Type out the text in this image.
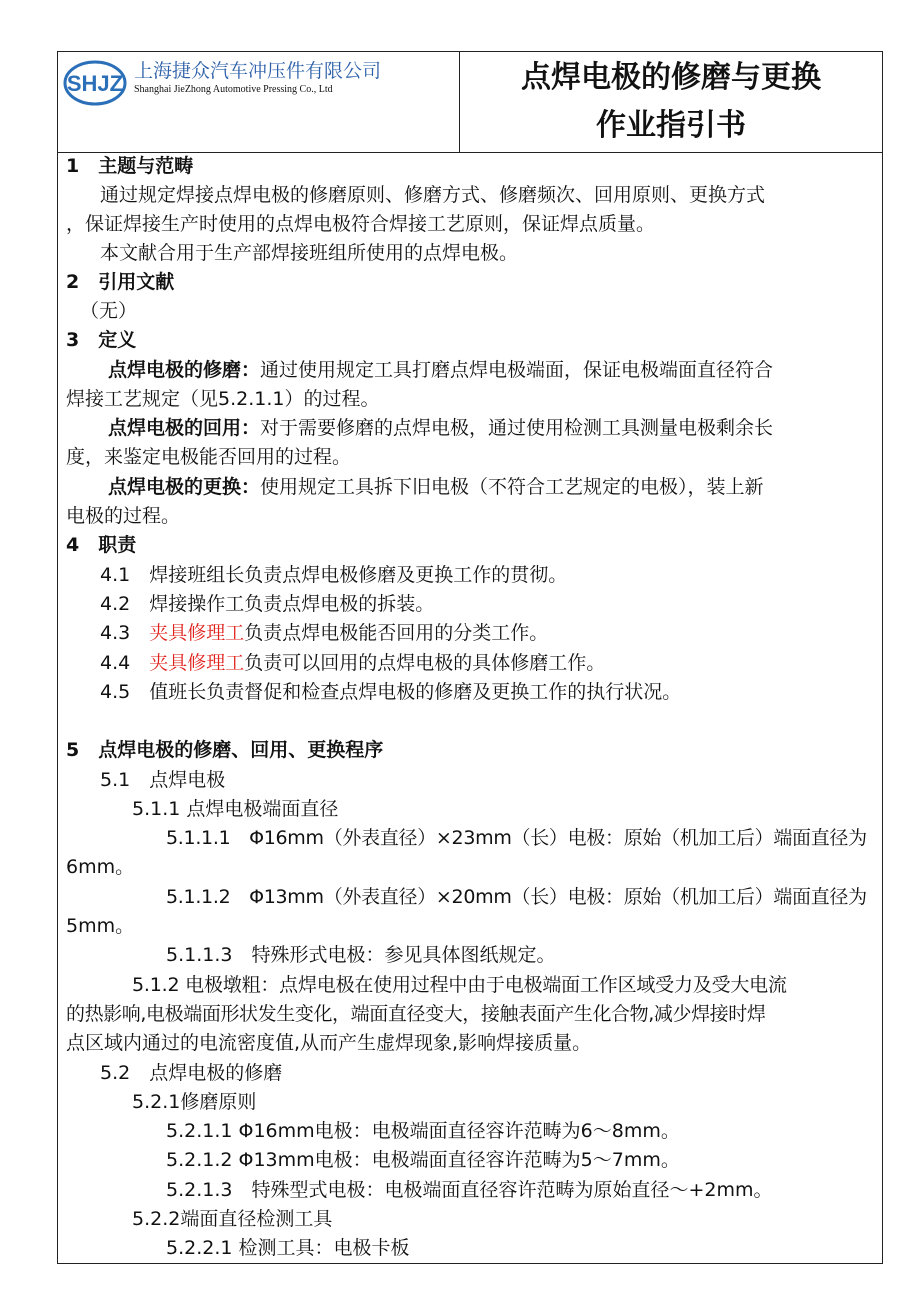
SHJZ 上海捷众汽车冲压件有限公司
Shanghai JieZhong Automotive Pressing Co., Ltd	点焊电极的修磨与更换
作业指引书
1　主题与范畴
通过规定焊接点焊电极的修磨原则、修磨方式、修磨频次、回用原则、更换方式
，保证焊接生产时使用的点焊电极符合焊接工艺原则，保证焊点质量。
本文献合用于生产部焊接班组所使用的点焊电极。
2　引用文献
（无）
3　定义
点焊电极的修磨：通过使用规定工具打磨点焊电极端面，保证电极端面直径符合
焊接工艺规定（见5.2.1.1）的过程。
点焊电极的回用：对于需要修磨的点焊电极，通过使用检测工具测量电极剩余长
度，来鉴定电极能否回用的过程。
点焊电极的更换：使用规定工具拆下旧电极（不符合工艺规定的电极），装上新
电极的过程。
4　职责
4.1　焊接班组长负责点焊电极修磨及更换工作的贯彻。
4.2　焊接操作工负责点焊电极的拆装。
4.3　夹具修理工负责点焊电极能否回用的分类工作。
4.4　夹具修理工负责可以回用的点焊电极的具体修磨工作。
4.5　值班长负责督促和检查点焊电极的修磨及更换工作的执行状况。
5　点焊电极的修磨、回用、更换程序
5.1　点焊电极
5.1.1 点焊电极端面直径
5.1.1.1　Φ16mm（外表直径）×23mm（长）电极：原始（机加工后）端面直径为
6mm。
5.1.1.2　Φ13mm（外表直径）×20mm（长）电极：原始（机加工后）端面直径为
5mm。
5.1.1.3　特殊形式电极：参见具体图纸规定。
5.1.2 电极墩粗：点焊电极在使用过程中由于电极端面工作区域受力及受大电流
的热影响,电极端面形状发生变化，端面直径变大，接触表面产生化合物,减少焊接时焊
点区域内通过的电流密度值,从而产生虚焊现象,影响焊接质量。
5.2　点焊电极的修磨
5.2.1修磨原则
5.2.1.1 Φ16mm电极：电极端面直径容许范畴为6～8mm。
5.2.1.2 Φ13mm电极：电极端面直径容许范畴为5～7mm。
5.2.1.3　特殊型式电极：电极端面直径容许范畴为原始直径～+2mm。
5.2.2端面直径检测工具
5.2.2.1 检测工具：电极卡板
